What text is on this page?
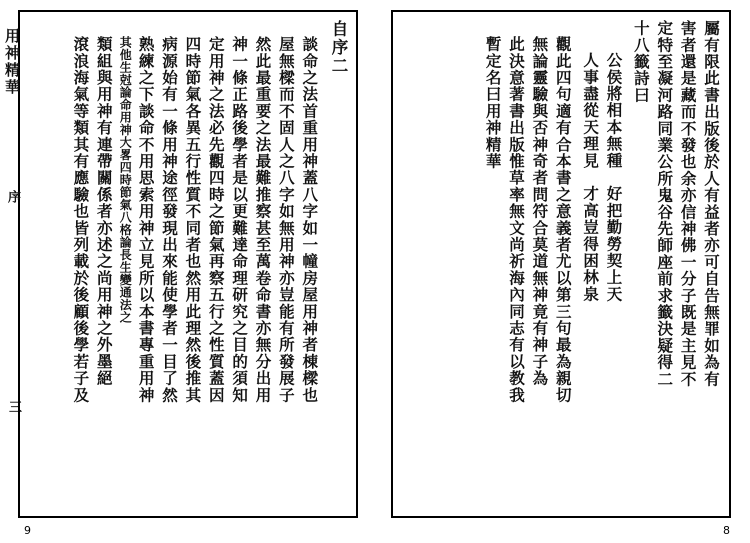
自序二
談命之法首重用神蓋八字如一幢房屋用神者棟樑也
屋無樑而不固人之八字如無用神亦豈能有所發展子
然此最重要之法最難推察甚至萬卷命書亦無分出用
神一條正路後學者是以更難達命理研究之目的須知
定用神之法必先觀四時之節氣再察五行之性質蓋因
四時節氣各異五行性質不同者也然用此理然後推其
病源始有一條用神途徑發現出來能使學者一目了然
熟練之下談命不用思索用神立見所以本書專重用神
其他生尅論命用神大畧四時節氣八格論長生變通法之
類組與用神有連帶關係者亦述之尚用神之外墨絕
滾浪海氣等類其有應驗也皆列載於後顧後學若子及
用神精華
序
三
9
屬有限此書出版後於人有益者亦可自告無罪如為有
害者還是藏而不發也余亦信神佛一分子既是主見不
定特至凝河路同業公所鬼谷先師座前求籤決疑得二
十八籤詩曰
公侯將相本無種　好把勤勞契上天
人事盡從天理見　才高豈得困林泉
觀此四句適有合本書之意義者尤以第三句最為親切
無論靈驗與否神奇者問符合莫道無神竟有神子為
此決意著書出版惟草率無文尚祈海內同志有以教我
暫定名曰用神精華
8
